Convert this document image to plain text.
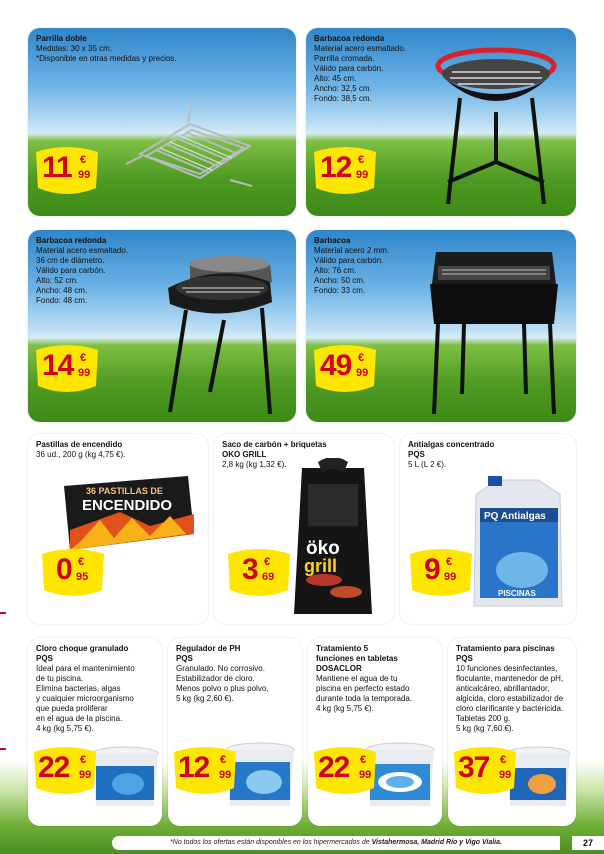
Parrilla doble
Medidas: 30 x 35 cm.
*Disponible en otras medidas y precios.
11 €
99
Barbacoa redonda
Material acero esmaltado.
Parrilla cromada.
Válido para carbón.
Alto: 45 cm.
Ancho: 32,5 cm.
Fondo: 38,5 cm.
12 €
99
Barbacoa redonda
Material acero esmaltado.
36 cm de diámetro.
Válido para carbón.
Alto: 52 cm.
Ancho: 48 cm.
Fondo: 48 cm.
14 €
99
Barbacoa
Material acero 2 mm.
Válido para carbón.
Alto: 76 cm.
Ancho: 50 cm.
Fondo: 33 cm.
49 €
99
Pastillas de encendido
36 ud., 200 g (kg 4,75 €).
36 PASTILLAS DE
ENCENDIDO
0 €
95
Saco de carbón + briquetas
OKO GRILL
2,8 kg (kg 1,32 €).
öko
grill
3 €
69
Antialgas concentrado
PQS
5 L (L 2 €).
PQ Antialgas
PISCINAS
9 €
99
Cloro choque granulado
PQS
Ideal para el mantenimiento
de tu piscina.
Elimina bacterias, algas
y cualquier microorganismo
que pueda proliferar
en el agua de la piscina.
4 kg (kg 5,75 €).
22 €
99
Regulador de PH
PQS
Granulado. No corrosivo.
Estabilizador de cloro.
Menos polvo o plus polvo,
5 kg (kg 2,60 €).
12 €
99
Tratamiento 5
funciones en tabletas
DOSACLOR
Mantiene el agua de tu
piscina en perfecto estado
durante toda la temporada.
4 kg (kg 5,75 €).
22 €
99
Tratamiento para piscinas
PQS
10 funciones desinfectantes,
floculante, mantenedor de pH,
anticalcáreo, abrillantador,
algicida, cloro estabilizador de
cloro clarificante y bactericida.
Tabletas 200 g.
5 kg (kg 7,60 €).
37 €
99
*No todos los ofertas están disponibles en los hipermercados de Vistahermosa, Madrid Río y Vigo Vialia.	27
